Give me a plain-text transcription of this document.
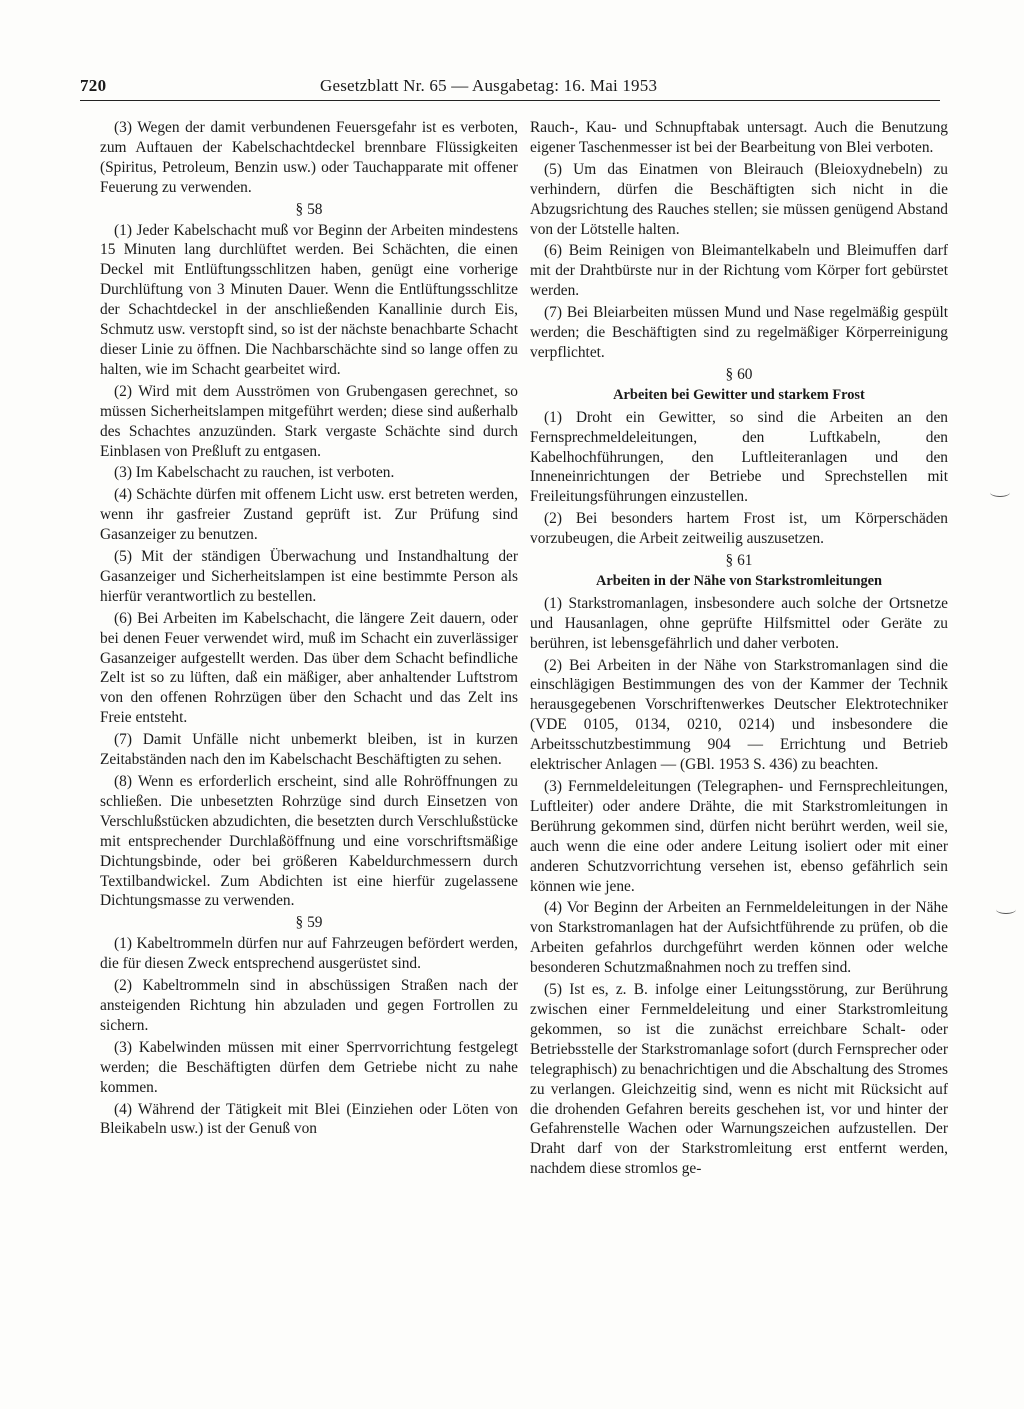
720	Gesetzblatt Nr. 65 — Ausgabetag: 16. Mai 1953

(3) Wegen der damit verbundenen Feuersgefahr ist es verboten, zum Auftauen der Kabelschachtdeckel brennbare Flüssigkeiten (Spiritus, Petroleum, Benzin usw.) oder Tauchapparate mit offener Feuerung zu verwenden.

§ 58

(1) Jeder Kabelschacht muß vor Beginn der Arbeiten mindestens 15 Minuten lang durchlüftet werden. Bei Schächten, die einen Deckel mit Entlüftungsschlitzen haben, genügt eine vorherige Durchlüftung von 3 Minuten Dauer. Wenn die Entlüftungsschlitze der Schachtdeckel in der anschließenden Kanallinie durch Eis, Schmutz usw. verstopft sind, so ist der nächste benachbarte Schacht dieser Linie zu öffnen. Die Nachbarschächte sind so lange offen zu halten, wie im Schacht gearbeitet wird.

(2) Wird mit dem Ausströmen von Grubengasen gerechnet, so müssen Sicherheitslampen mitgeführt werden; diese sind außerhalb des Schachtes anzuzünden. Stark vergaste Schächte sind durch Einblasen von Preßluft zu entgasen.

(3) Im Kabelschacht zu rauchen, ist verboten.

(4) Schächte dürfen mit offenem Licht usw. erst betreten werden, wenn ihr gasfreier Zustand geprüft ist. Zur Prüfung sind Gasanzeiger zu benutzen.

(5) Mit der ständigen Überwachung und Instandhaltung der Gasanzeiger und Sicherheitslampen ist eine bestimmte Person als hierfür verantwortlich zu bestellen.

(6) Bei Arbeiten im Kabelschacht, die längere Zeit dauern, oder bei denen Feuer verwendet wird, muß im Schacht ein zuverlässiger Gasanzeiger aufgestellt werden. Das über dem Schacht befindliche Zelt ist so zu lüften, daß ein mäßiger, aber anhaltender Luftstrom von den offenen Rohrzügen über den Schacht und das Zelt ins Freie entsteht.

(7) Damit Unfälle nicht unbemerkt bleiben, ist in kurzen Zeitabständen nach den im Kabelschacht Beschäftigten zu sehen.

(8) Wenn es erforderlich erscheint, sind alle Rohröffnungen zu schließen. Die unbesetzten Rohrzüge sind durch Einsetzen von Verschlußstücken abzudichten, die besetzten durch Verschlußstücke mit entsprechender Durchlaßöffnung und eine vorschriftsmäßige Dichtungsbinde, oder bei größeren Kabeldurchmessern durch Textilbandwickel. Zum Abdichten ist eine hierfür zugelassene Dichtungsmasse zu verwenden.

§ 59

(1) Kabeltrommeln dürfen nur auf Fahrzeugen befördert werden, die für diesen Zweck entsprechend ausgerüstet sind.

(2) Kabeltrommeln sind in abschüssigen Straßen nach der ansteigenden Richtung hin abzuladen und gegen Fortrollen zu sichern.

(3) Kabelwinden müssen mit einer Sperrvorrichtung festgelegt werden; die Beschäftigten dürfen dem Getriebe nicht zu nahe kommen.

(4) Während der Tätigkeit mit Blei (Einziehen oder Löten von Bleikabeln usw.) ist der Genuß von

Rauch-, Kau- und Schnupftabak untersagt. Auch die Benutzung eigener Taschenmesser ist bei der Bearbeitung von Blei verboten.

(5) Um das Einatmen von Bleirauch (Bleioxydnebeln) zu verhindern, dürfen die Beschäftigten sich nicht in die Abzugsrichtung des Rauches stellen; sie müssen genügend Abstand von der Lötstelle halten.

(6) Beim Reinigen von Bleimantelkabeln und Bleimuffen darf mit der Drahtbürste nur in der Richtung vom Körper fort gebürstet werden.

(7) Bei Bleiarbeiten müssen Mund und Nase regelmäßig gespült werden; die Beschäftigten sind zu regelmäßiger Körperreinigung verpflichtet.

§ 60
Arbeiten bei Gewitter und starkem Frost

(1) Droht ein Gewitter, so sind die Arbeiten an den Fernsprechmeldeleitungen, den Luftkabeln, den Kabelhochführungen, den Luftleiteranlagen und den Inneneinrichtungen der Betriebe und Sprechstellen mit Freileitungsführungen einzustellen.

(2) Bei besonders hartem Frost ist, um Körperschäden vorzubeugen, die Arbeit zeitweilig auszusetzen.

§ 61
Arbeiten in der Nähe von Starkstromleitungen

(1) Starkstromanlagen, insbesondere auch solche der Ortsnetze und Hausanlagen, ohne geprüfte Hilfsmittel oder Geräte zu berühren, ist lebensgefährlich und daher verboten.

(2) Bei Arbeiten in der Nähe von Starkstromanlagen sind die einschlägigen Bestimmungen des von der Kammer der Technik herausgegebenen Vorschriftenwerkes Deutscher Elektrotechniker (VDE 0105, 0134, 0210, 0214) und insbesondere die Arbeitsschutzbestimmung 904 — Errichtung und Betrieb elektrischer Anlagen — (GBl. 1953 S. 436) zu beachten.

(3) Fernmeldeleitungen (Telegraphen- und Fernsprechleitungen, Luftleiter) oder andere Drähte, die mit Starkstromleitungen in Berührung gekommen sind, dürfen nicht berührt werden, weil sie, auch wenn die eine oder andere Leitung isoliert oder mit einer anderen Schutzvorrichtung versehen ist, ebenso gefährlich sein können wie jene.

(4) Vor Beginn der Arbeiten an Fernmeldeleitungen in der Nähe von Starkstromanlagen hat der Aufsichtführende zu prüfen, ob die Arbeiten gefahrlos durchgeführt werden können oder welche besonderen Schutzmaßnahmen noch zu treffen sind.

(5) Ist es, z. B. infolge einer Leitungsstörung, zur Berührung zwischen einer Fernmeldeleitung und einer Starkstromleitung gekommen, so ist die zunächst erreichbare Schalt- oder Betriebsstelle der Starkstromanlage sofort (durch Fernsprecher oder telegraphisch) zu benachrichtigen und die Abschaltung des Stromes zu verlangen. Gleichzeitig sind, wenn es nicht mit Rücksicht auf die drohenden Gefahren bereits geschehen ist, vor und hinter der Gefahrenstelle Wachen oder Warnungszeichen aufzustellen. Der Draht darf von der Starkstromleitung erst entfernt werden, nachdem diese stromlos ge-
